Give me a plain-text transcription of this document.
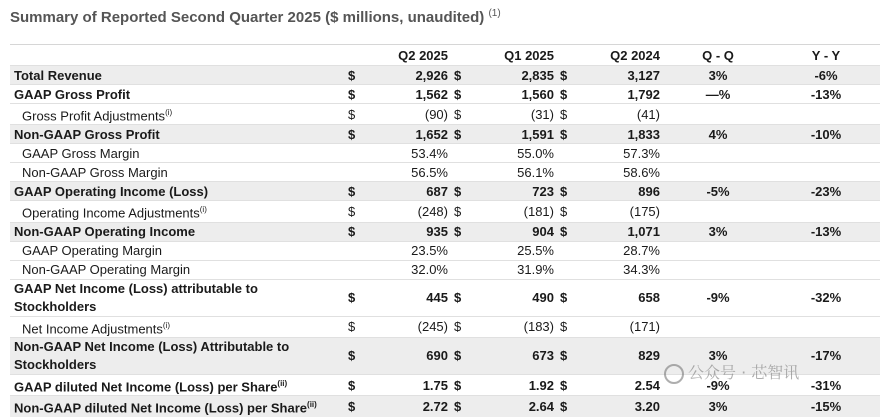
Summary of Reported Second Quarter 2025 ($ millions, unaudited) $^{(1)}$
	Q2 2025		Q1 2025		Q2 2024		Q - Q	Y - Y
Total Revenue	$	2,926	$	2,835	$	3,127	3%	-6%
GAAP Gross Profit	$	1,562	$	1,560	$	1,792	—%	-13%
Gross Profit Adjustments$^{(i)}$	$	(90)	$	(31)	$	(41)		
Non-GAAP Gross Profit	$	1,652	$	1,591	$	1,833	4%	-10%
GAAP Gross Margin		53.4%		55.0%		57.3%		
Non-GAAP Gross Margin		56.5%		56.1%		58.6%		
GAAP Operating Income (Loss)	$	687	$	723	$	896	-5%	-23%
Operating Income Adjustments$^{(i)}$	$	(248)	$	(181)	$	(175)		
Non-GAAP Operating Income	$	935	$	904	$	1,071	3%	-13%
GAAP Operating Margin		23.5%		25.5%		28.7%		
Non-GAAP Operating Margin		32.0%		31.9%		34.3%		
GAAP Net Income (Loss) attributable to Stockholders	$	445	$	490	$	658	-9%	-32%
Net Income Adjustments$^{(i)}$	$	(245)	$	(183)	$	(171)		
Non-GAAP Net Income (Loss) Attributable to Stockholders	$	690	$	673	$	829	3%	-17%
GAAP diluted Net Income (Loss) per Share$^{(ii)}$	$	1.75	$	1.92	$	2.54	-9%	-31%
Non-GAAP diluted Net Income (Loss) per Share$^{(ii)}$	$	2.72	$	2.64	$	3.20	3%	-15%
公众号 · 芯智讯
